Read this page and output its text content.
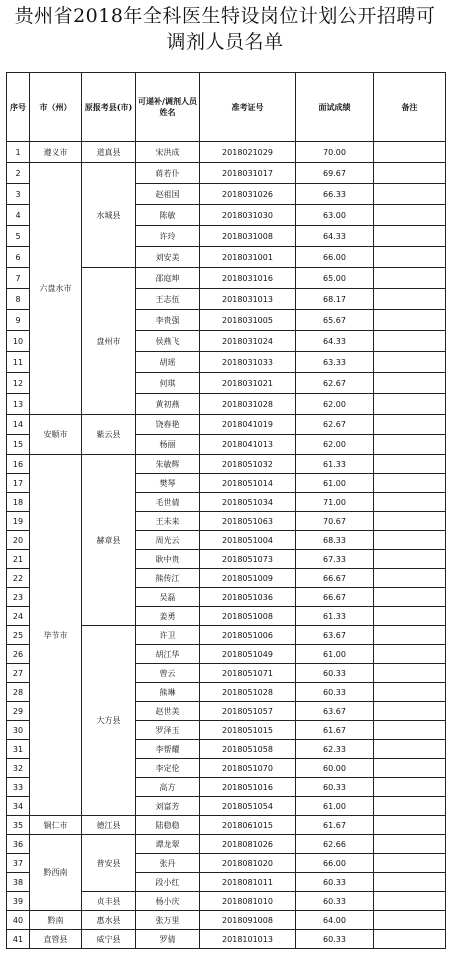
贵州省2018年全科医生特设岗位计划公开招聘可调剂人员名单
序号	市（州）	原报考县(市)	可递补/调剂人员姓名	准考证号	面试成绩	备注
1	遵义市	道真县	宋洪成	2018021029	70.00	
2	六盘水市	水城县	蒋若仆	2018031017	69.67	
3			赵祖国	2018031026	66.33	
4			陈敏	2018031030	63.00	
5			许玲	2018031008	64.33	
6			刘安美	2018031001	66.00	
7		盘州市	邵庭坤	2018031016	65.00	
8			王志伍	2018031013	68.17	
9			李贵强	2018031005	65.67	
10			侯燕飞	2018031024	64.33	
11			胡瑶	2018031033	63.33	
12			何琪	2018031021	62.67	
13			黄初燕	2018031028	62.00	
14	安顺市	紫云县	饶春艳	2018041019	62.67	
15			杨丽	2018041013	62.00	
16	毕节市	赫章县	朱敏辉	2018051032	61.33	
17			樊琴	2018051014	61.00	
18			毛世倩	2018051034	71.00	
19			王未来	2018051063	70.67	
20			周光云	2018051004	68.33	
21			耿中贵	2018051073	67.33	
22			熊传江	2018051009	66.67	
23			吴磊	2018051036	66.67	
24			姜勇	2018051008	61.33	
25		大方县	许卫	2018051006	63.67	
26			胡江华	2018051049	61.00	
27			曾云	2018051071	60.33	
28			熊琳	2018051028	60.33	
29			赵世美	2018051057	63.67	
30			罗泽玉	2018051015	61.67	
31			李帮耀	2018051058	62.33	
32			李定伦	2018051070	60.00	
33			高方	2018051016	60.33	
34			刘富芳	2018051054	61.00	
35	铜仁市	德江县	陆稳稳	2018061015	61.67	
36	黔西南	普安县	谭龙翠	2018081026	62.66	
37			张丹	2018081020	66.00	
38			段小红	2018081011	60.33	
39		贞丰县	杨小庆	2018081010	60.33	
40	黔南	惠水县	张万里	2018091008	64.00	
41	直管县	威宁县	罗倩	2018101013	60.33	
